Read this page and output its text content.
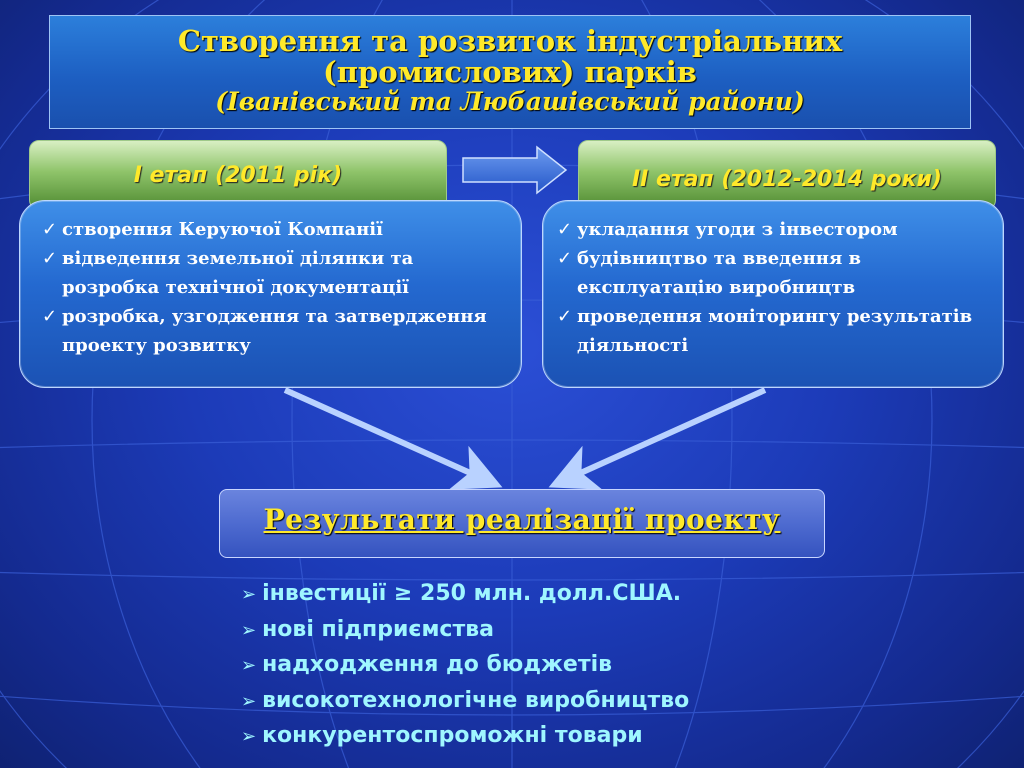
Створення та розвиток індустріальних
(промислових) парків
(Іванівський та Любашівський райони)
І етап (2011 рік)	ІІ етап (2012-2014 роки)
✓ створення Керуючої Компанії
✓ відведення земельної ділянки та розробка технічної документації
✓ розробка, узгодження та затвердження проекту розвитку
✓ укладання угоди з інвестором
✓ будівництво та введення в експлуатацію виробництв
✓ проведення моніторингу результатів діяльності
Результати реалізації проекту
➢ інвестиції ≥ 250 млн. долл.США.
➢ нові підприємства
➢ надходження до бюджетів
➢ високотехнологічне виробництво
➢ конкурентоспроможні товари
